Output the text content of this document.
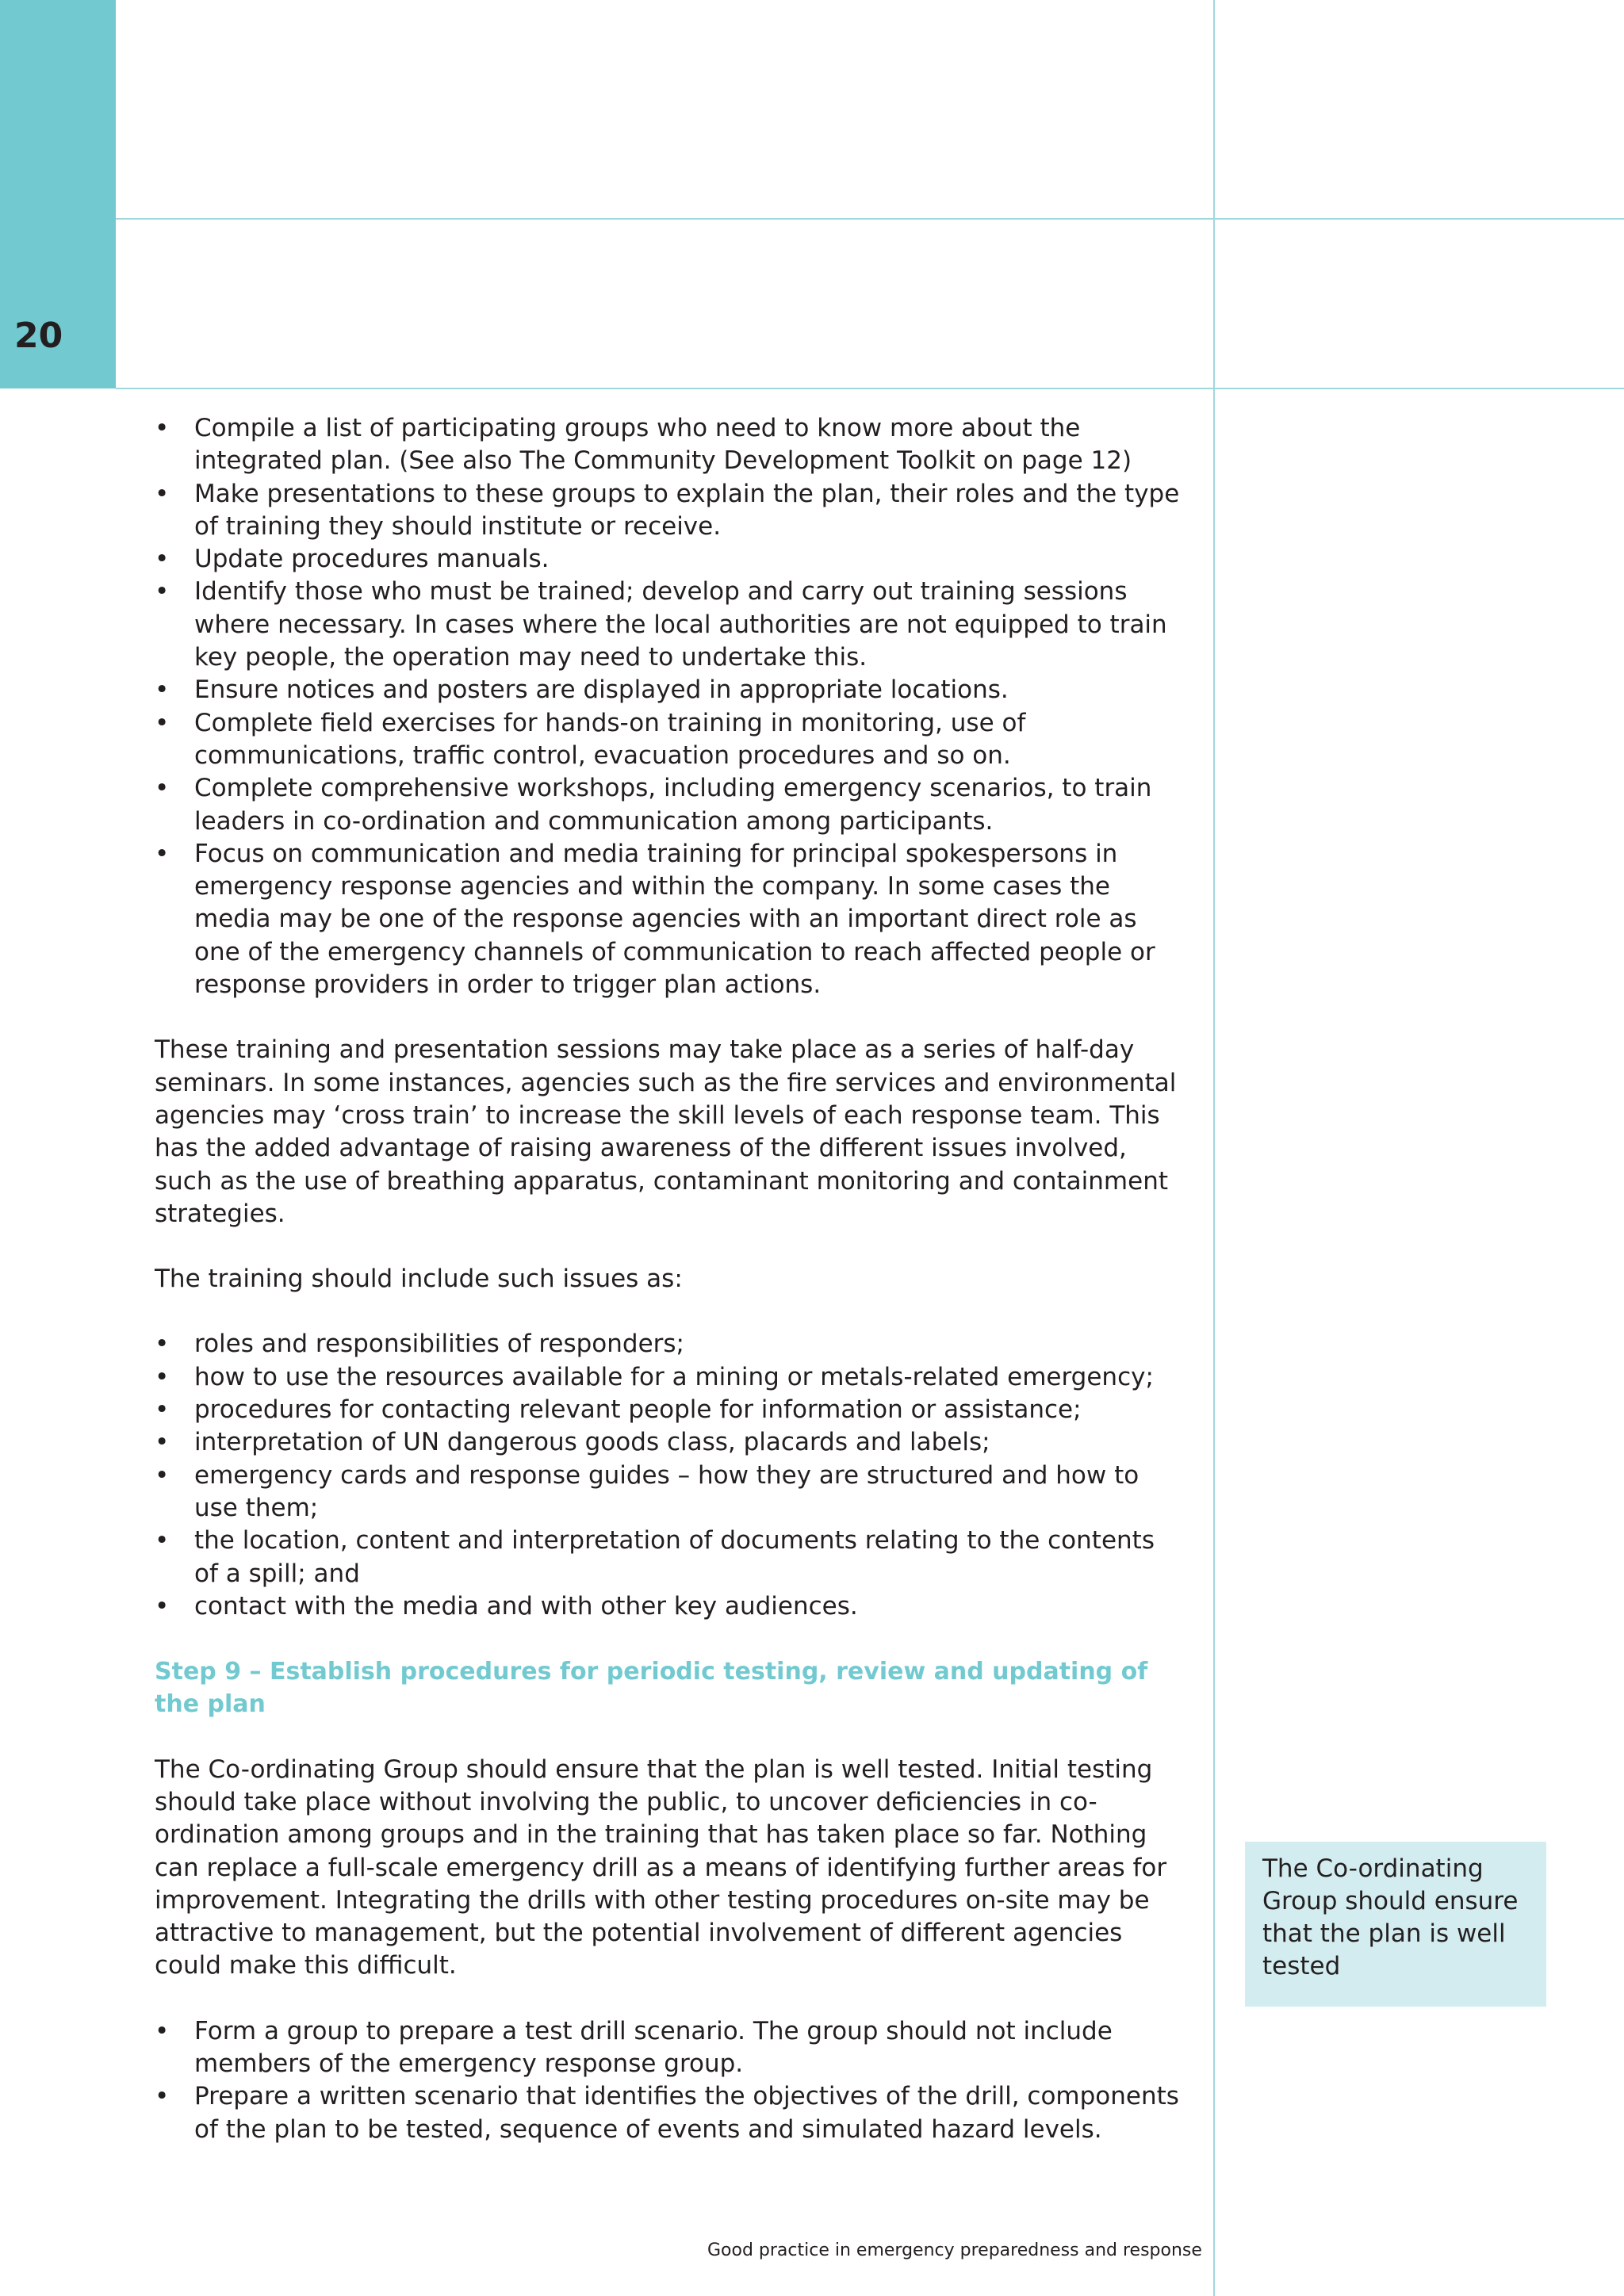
20
• Compile a list of participating groups who need to know more about the integrated plan. (See also The Community Development Toolkit on page 12)
• Make presentations to these groups to explain the plan, their roles and the type of training they should institute or receive.
• Update procedures manuals.
• Identify those who must be trained; develop and carry out training sessions where necessary. In cases where the local authorities are not equipped to train key people, the operation may need to undertake this.
• Ensure notices and posters are displayed in appropriate locations.
• Complete field exercises for hands-on training in monitoring, use of communications, traffic control, evacuation procedures and so on.
• Complete comprehensive workshops, including emergency scenarios, to train leaders in co-ordination and communication among participants.
• Focus on communication and media training for principal spokespersons in emergency response agencies and within the company. In some cases the media may be one of the response agencies with an important direct role as one of the emergency channels of communication to reach affected people or response providers in order to trigger plan actions.

These training and presentation sessions may take place as a series of half-day seminars. In some instances, agencies such as the fire services and environmental agencies may ‘cross train’ to increase the skill levels of each response team. This has the added advantage of raising awareness of the different issues involved, such as the use of breathing apparatus, contaminant monitoring and containment strategies.

The training should include such issues as:

• roles and responsibilities of responders;
• how to use the resources available for a mining or metals-related emergency;
• procedures for contacting relevant people for information or assistance;
• interpretation of UN dangerous goods class, placards and labels;
• emergency cards and response guides – how they are structured and how to use them;
• the location, content and interpretation of documents relating to the contents of a spill; and
• contact with the media and with other key audiences.

Step 9 – Establish procedures for periodic testing, review and updating of the plan

The Co-ordinating Group should ensure that the plan is well tested. Initial testing should take place without involving the public, to uncover deficiencies in co-ordination among groups and in the training that has taken place so far. Nothing can replace a full-scale emergency drill as a means of identifying further areas for improvement. Integrating the drills with other testing procedures on-site may be attractive to management, but the potential involvement of different agencies could make this difficult.

• Form a group to prepare a test drill scenario. The group should not include members of the emergency response group.
• Prepare a written scenario that identifies the objectives of the drill, components of the plan to be tested, sequence of events and simulated hazard levels.
The Co-ordinating Group should ensure that the plan is well tested
Good practice in emergency preparedness and response
